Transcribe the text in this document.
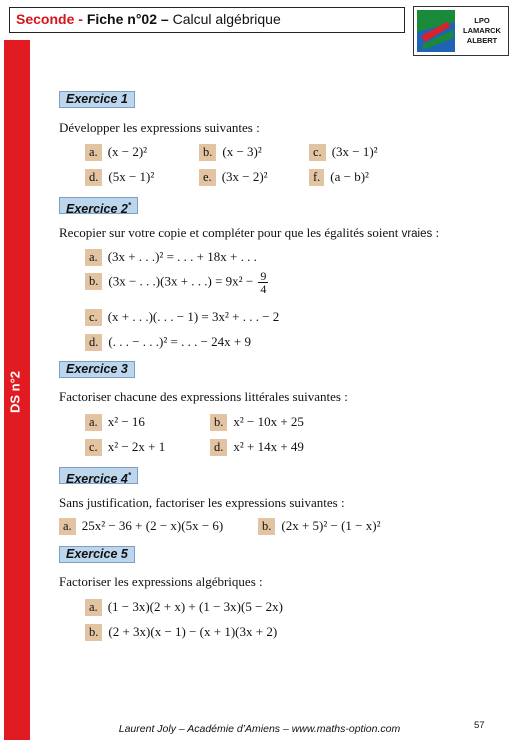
Seconde - Fiche n°02 – Calcul algébrique	LPO LAMARCK
ALBERT
DS n°2
Exercice 1
Développer les expressions suivantes :
a. (x − 2)²	b. (x − 3)²	c. (3x − 1)²
d. (5x − 1)²	e. (3x − 2)²	f. (a − b)²
Exercice 2*
Recopier sur votre copie et compléter pour que les égalités soient vraies :
a. (3x + . . .)² = . . . + 18x + . . .
b. (3x − . . .)(3x + . . .) = $9x^2 - \frac{9}{4}$
c. (x + . . .)(. . . − 1) = 3x² + . . . − 2
d. (. . . − . . .)² = . . . − 24x + 9
Exercice 3
Factoriser chacune des expressions littérales suivantes :
a. x² − 16	b. x² − 10x + 25
c. x² − 2x + 1	d. x² + 14x + 49
Exercice 4*
Sans justification, factoriser les expressions suivantes :
a. 25x² − 36 + (2 − x)(5x − 6)	b. (2x + 5)² − (1 − x)²
Exercice 5
Factoriser les expressions algébriques :
a. (1 − 3x)(2 + x) + (1 − 3x)(5 − 2x)
b. (2 + 3x)(x − 1) − (x + 1)(3x + 2)
Laurent Joly – Académie d’Amiens – www.maths-option.com	57
